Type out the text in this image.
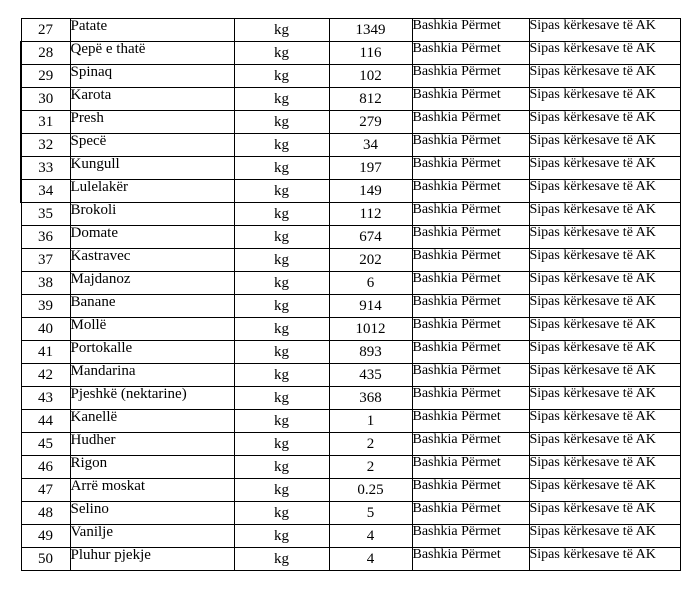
27	Patate	kg	1349	Bashkia Përmet	Sipas kërkesave të AK
28	Qepë e thatë	kg	116	Bashkia Përmet	Sipas kërkesave të AK
29	Spinaq	kg	102	Bashkia Përmet	Sipas kërkesave të AK
30	Karota	kg	812	Bashkia Përmet	Sipas kërkesave të AK
31	Presh	kg	279	Bashkia Përmet	Sipas kërkesave të AK
32	Specë	kg	34	Bashkia Përmet	Sipas kërkesave të AK
33	Kungull	kg	197	Bashkia Përmet	Sipas kërkesave të AK
34	Lulelakër	kg	149	Bashkia Përmet	Sipas kërkesave të AK
35	Brokoli	kg	112	Bashkia Përmet	Sipas kërkesave të AK
36	Domate	kg	674	Bashkia Përmet	Sipas kërkesave të AK
37	Kastravec	kg	202	Bashkia Përmet	Sipas kërkesave të AK
38	Majdanoz	kg	6	Bashkia Përmet	Sipas kërkesave të AK
39	Banane	kg	914	Bashkia Përmet	Sipas kërkesave të AK
40	Mollë	kg	1012	Bashkia Përmet	Sipas kërkesave të AK
41	Portokalle	kg	893	Bashkia Përmet	Sipas kërkesave të AK
42	Mandarina	kg	435	Bashkia Përmet	Sipas kërkesave të AK
43	Pjeshkë (nektarine)	kg	368	Bashkia Përmet	Sipas kërkesave të AK
44	Kanellë	kg	1	Bashkia Përmet	Sipas kërkesave të AK
45	Hudher	kg	2	Bashkia Përmet	Sipas kërkesave të AK
46	Rigon	kg	2	Bashkia Përmet	Sipas kërkesave të AK
47	Arrë moskat	kg	0.25	Bashkia Përmet	Sipas kërkesave të AK
48	Selino	kg	5	Bashkia Përmet	Sipas kërkesave të AK
49	Vanilje	kg	4	Bashkia Përmet	Sipas kërkesave të AK
50	Pluhur pjekje	kg	4	Bashkia Përmet	Sipas kërkesave të AK
